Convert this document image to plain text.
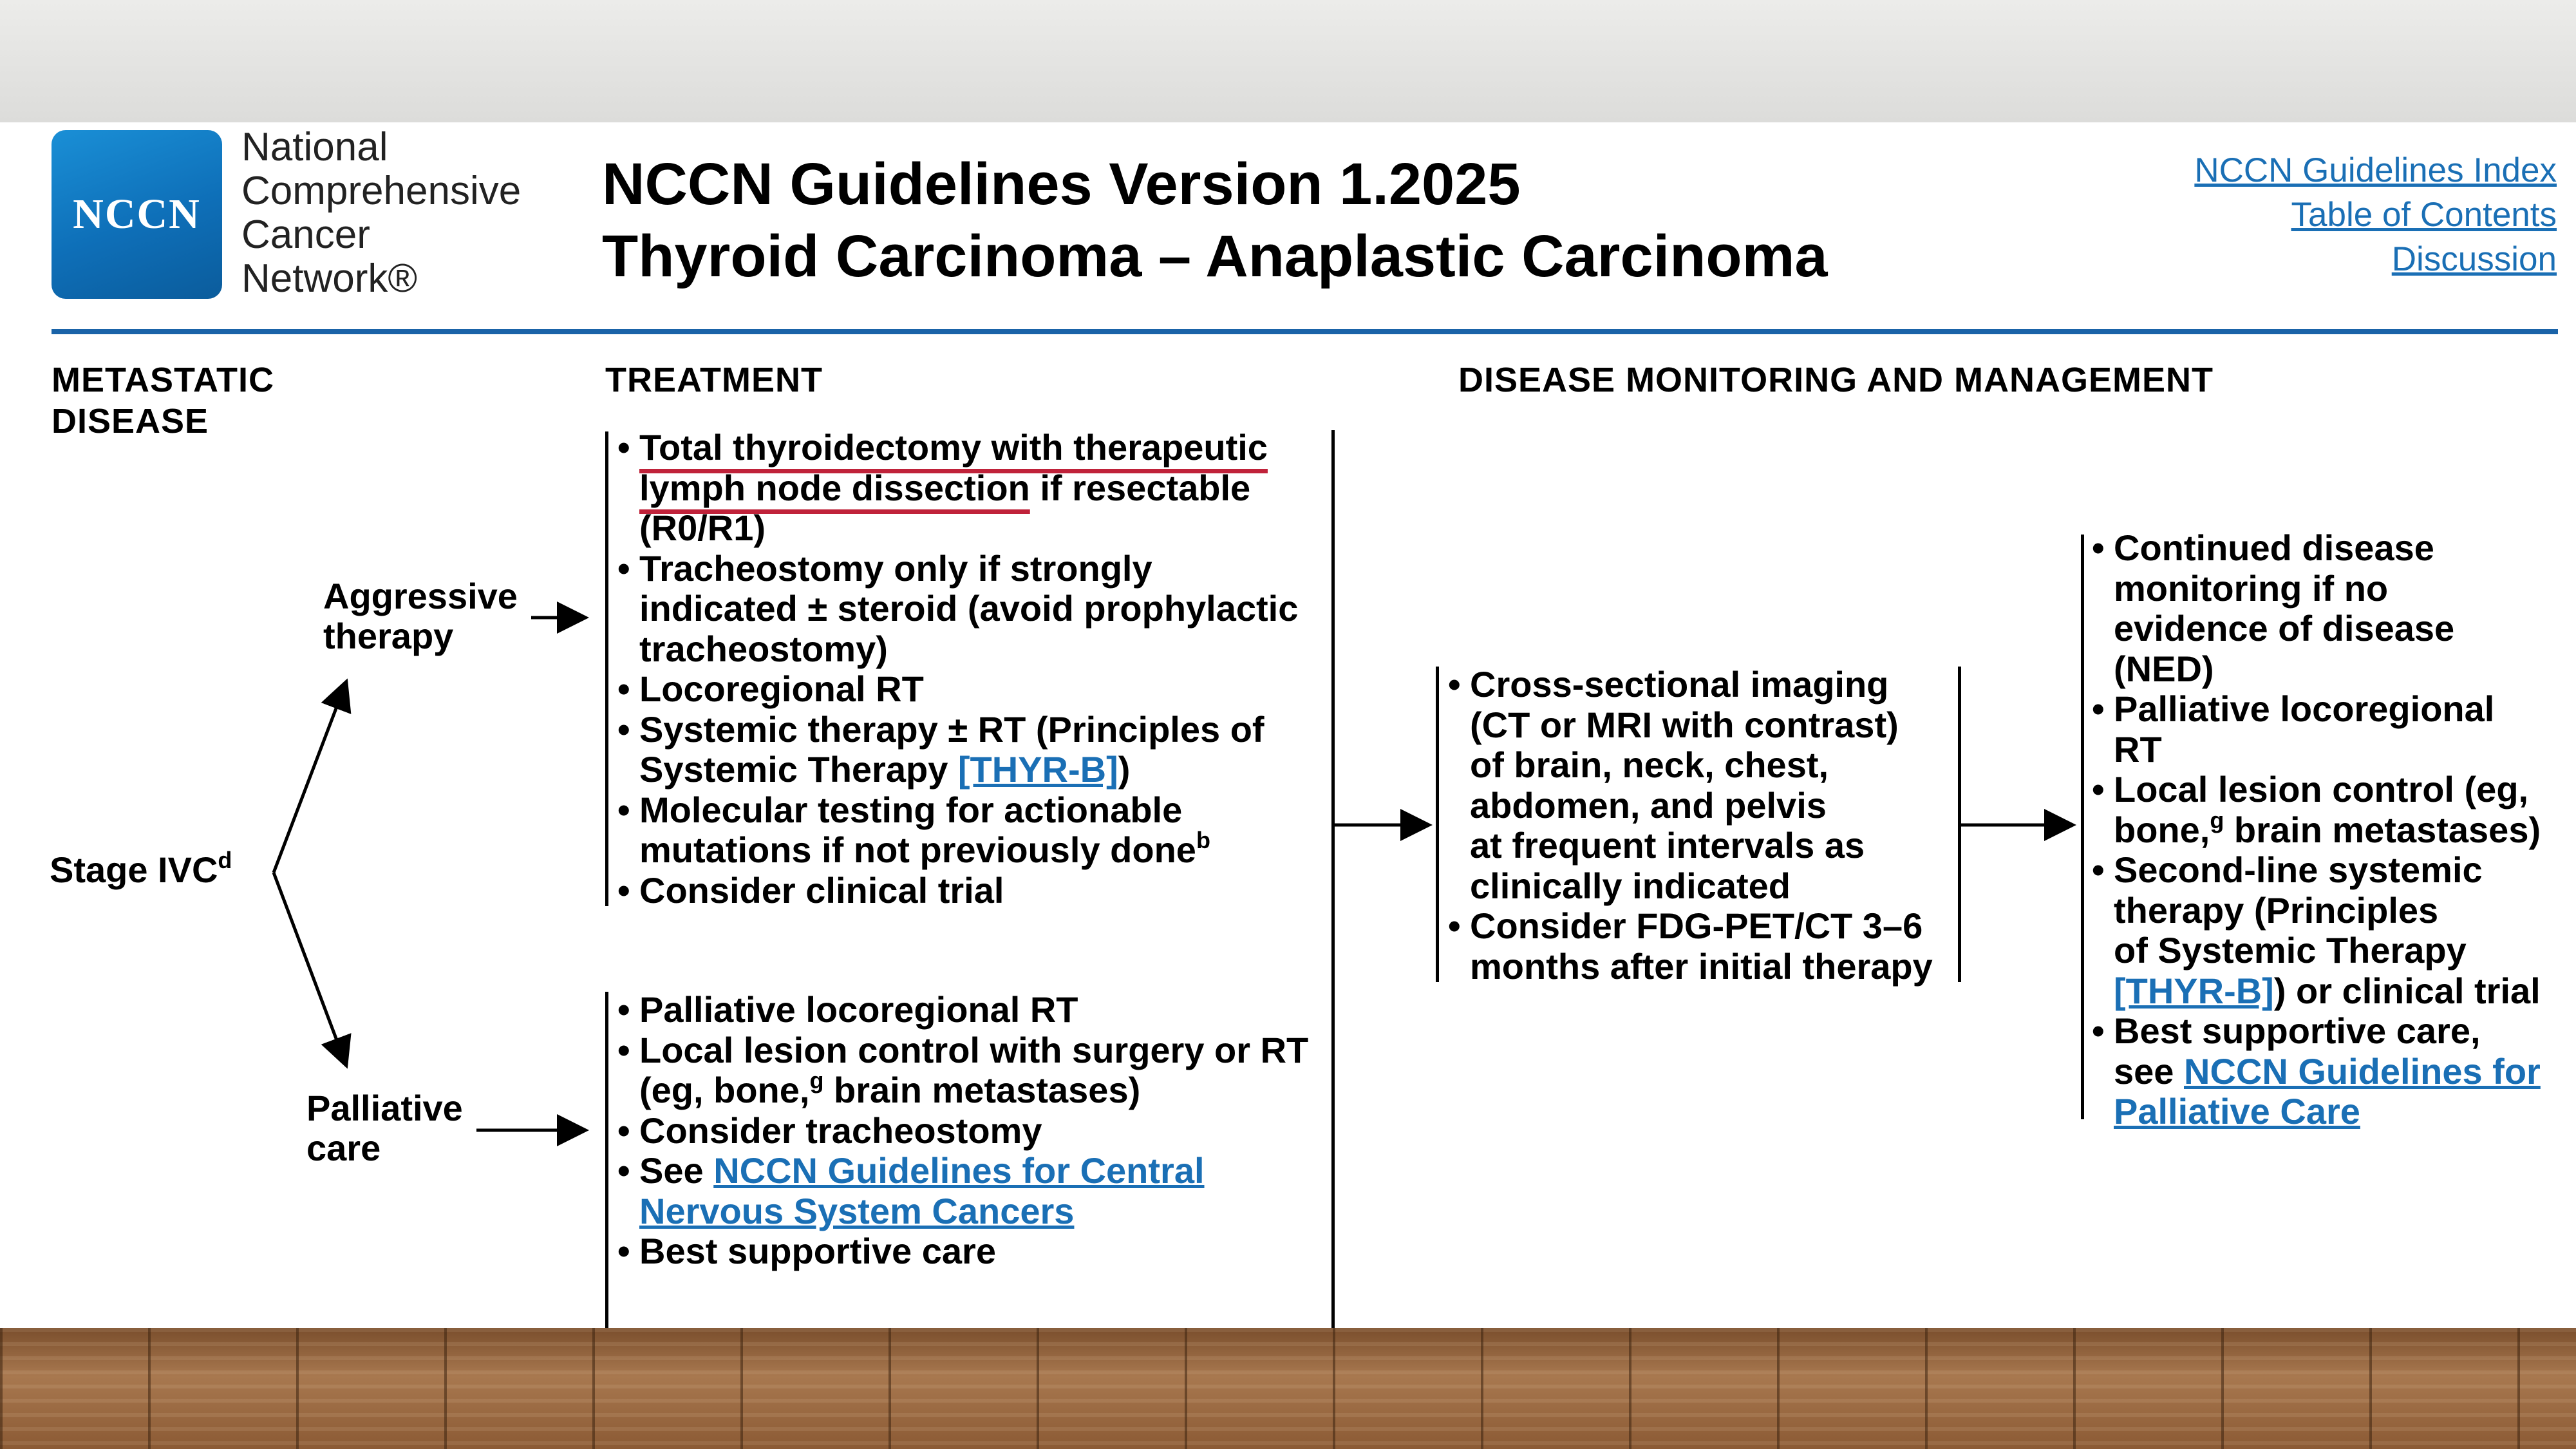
NCCN
National
Comprehensive
Cancer
Network®
NCCN Guidelines Version 1.2025
Thyroid Carcinoma – Anaplastic Carcinoma
NCCN Guidelines Index
Table of Contents
Discussion
METASTATIC
DISEASE
TREATMENT	DISEASE MONITORING AND MANAGEMENT
Stage IVC$^d$
Aggressive
therapy
Palliative
care
• Total thyroidectomy with therapeutic
lymph node dissection if resectable
(R0/R1)
• Tracheostomy only if strongly
indicated ± steroid (avoid prophylactic
tracheostomy)
• Locoregional RT
• Systemic therapy ± RT (Principles of
Systemic Therapy [THYR-B])
• Molecular testing for actionable
mutations if not previously done$^b$
• Consider clinical trial
• Palliative locoregional RT
• Local lesion control with surgery or RT
(eg, bone,$^g$ brain metastases)
• Consider tracheostomy
• See NCCN Guidelines for Central
Nervous System Cancers
• Best supportive care
• Cross-sectional imaging
(CT or MRI with contrast)
of brain, neck, chest,
abdomen, and pelvis
at frequent intervals as
clinically indicated
• Consider FDG-PET/CT 3–6
months after initial therapy
• Continued disease
monitoring if no
evidence of disease
(NED)
• Palliative locoregional
RT
• Local lesion control (eg,
bone,$^g$ brain metastases)
• Second-line systemic
therapy (Principles
of Systemic Therapy
[THYR-B]) or clinical trial
• Best supportive care,
see NCCN Guidelines for
Palliative Care
